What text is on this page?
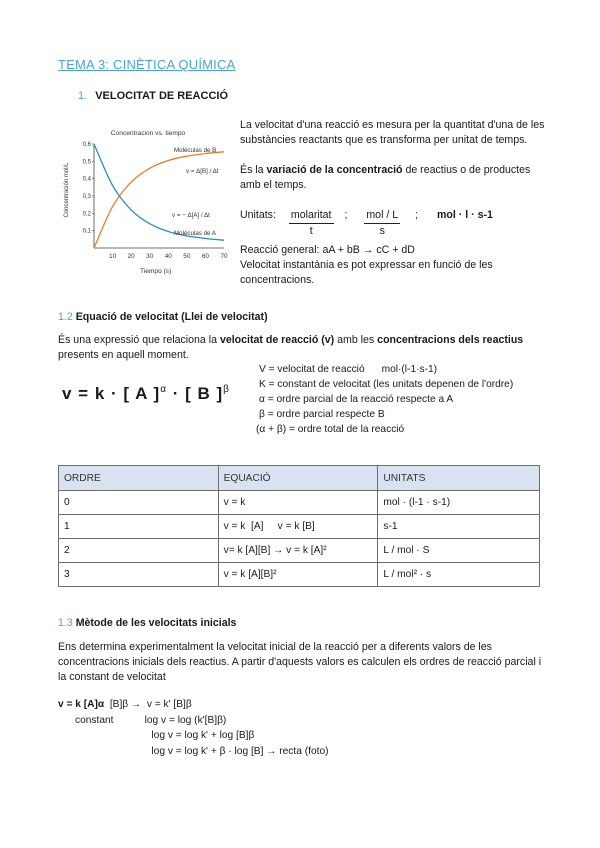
TEMA 3: CINÈTICA QUÍMICA
1. VELOCITAT DE REACCIÓ
Concentracion vs. tiempo
Concentración mol/L
0,1
0,2
0,3
0,4
0,5
0,6
10 20 30 40 50 60 70
Moléculas de B
Moléculas de A
v = Δ[B] / Δt
v = − Δ[A] / Δt
Tiempo (s)

La velocitat d'una reacció es mesura per la quantitat d'una de les substàncies reactants que es transforma per unitat de temps.

És la variació de la concentració de reactius o de productes amb el temps.

Unitats: $\frac{\text{molaritat}}{t}$ ; $\frac{\text{mol / L}}{s}$ ; mol · l · s-1

Reacció general: aA + bB → cC + dD

Velocitat instantània es pot expressar en funció de les concentracions.

1.2 Equació de velocitat (Llei de velocitat)
És una expressió que relaciona la velocitat de reacció (v) amb les concentracions dels reactius presents en aquell moment.
v = k · [ A ]$^\alpha$ · [ B ]$^\beta$
V = velocitat de reacció      mol·(l-1·s-1)
K = constant de velocitat (les unitats depenen de l'ordre)
α = ordre parcial de la reacció respecte a A
β = ordre parcial respecte B
(α + β) = ordre total de la reacció
ORDRE	EQUACIÓ	UNITATS
0	v = k	mol · (l-1 · s-1)
1	v = k  [A]     v = k [B]	s-1
2	v= k [A][B] → v = k [A]²	L / mol · S
3	v = k [A][B]²	L / mol² · s
1.3 Mètode de les velocitats inicials
Ens determina experimentalment la velocitat inicial de la reacció per a diferents valors de les concentracions inicials dels reactius. A partir d'aquests valors es calculen els ordres de reacció parcial i la constant de velocitat
v = k [A]α  [B]β →  v = k' [B]β
constant           log v = log (k'[B]β)
log v = log k' + log [B]β
log v = log k' + β · log [B] → recta (foto)
